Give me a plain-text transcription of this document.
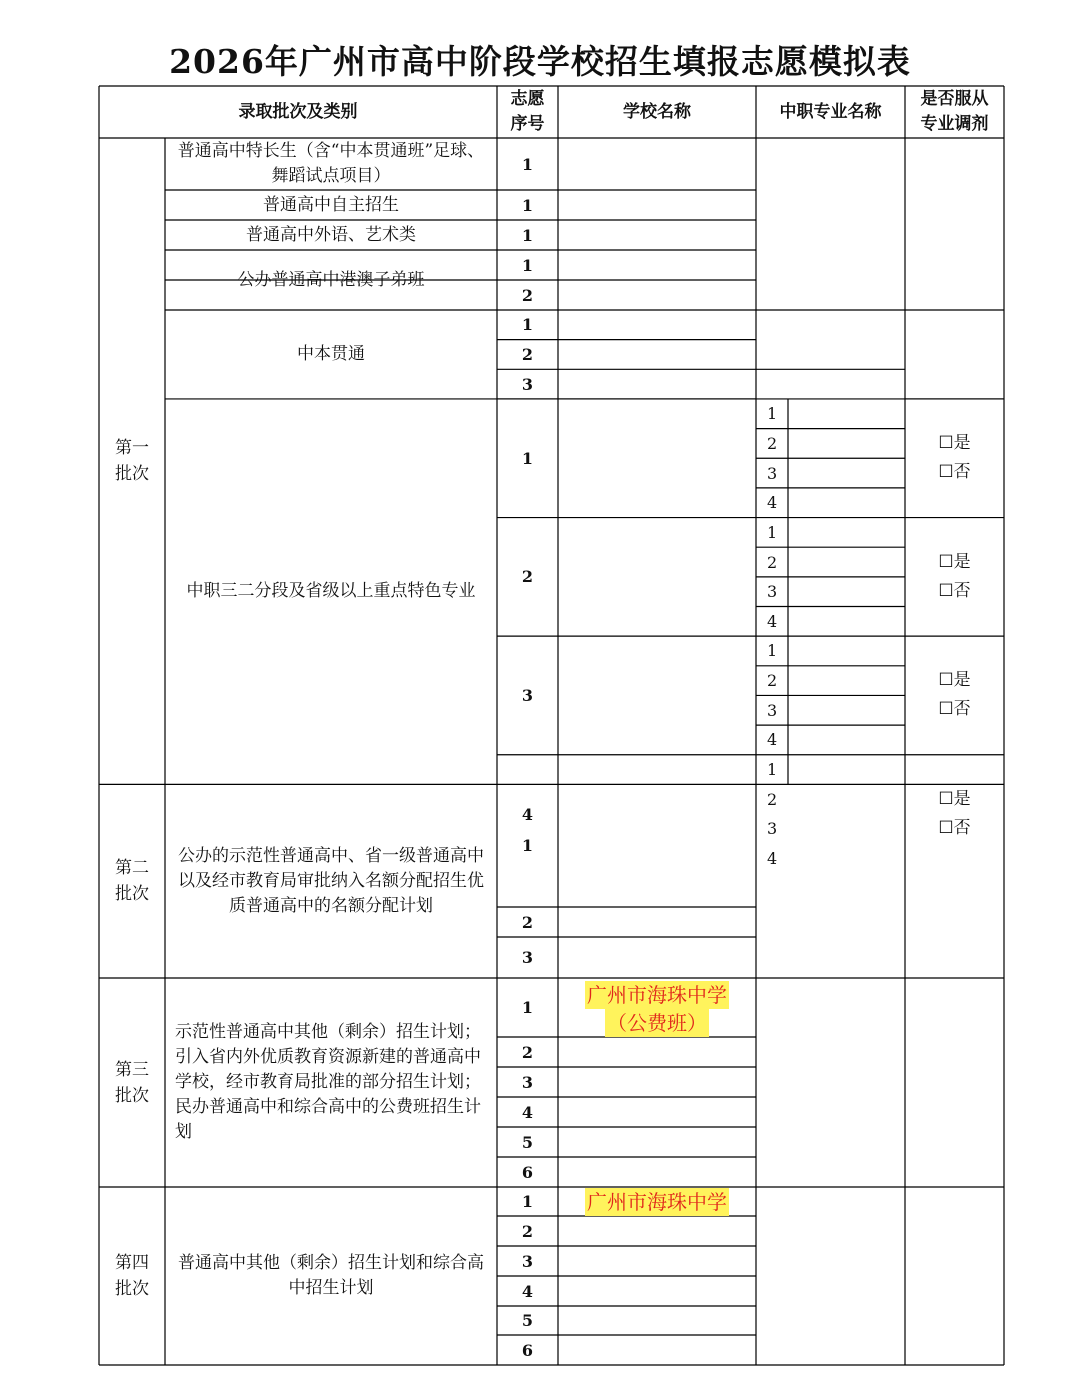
2026年广州市高中阶段学校招生填报志愿模拟表
录取批次及类别
志愿序号
学校名称	中职专业名称
是否服从专业调剂
第一批次
普通高中特长生（含“中本贯通班”足球、舞蹈试点项目）
普通高中自主招生
普通高中外语、艺术类
公办普通高中港澳子弟班
中本贯通
中职三二分段及省级以上重点特色专业
1
1
1
1
2
1
2
3
1
1
2
3
4
☐是
☐否
2
1
2
3
4
☐是
☐否
3
1
2
3
4
☐是
☐否
4
1
2
3
4
☐是
☐否
第二批次
公办的示范性普通高中、省一级普通高中以及经市教育局审批纳入名额分配招生优质普通高中的名额分配计划
1
2
3
第三批次
示范性普通高中其他（剩余）招生计划；引入省内外优质教育资源新建的普通高中学校，经市教育局批准的部分招生计划；民办普通高中和综合高中的公费班招生计划
1
2
3
4
5
6
广州市海珠中学
（公费班）
第四批次
普通高中其他（剩余）招生计划和综合高中招生计划
1
2
3
4
5
6
广州市海珠中学
